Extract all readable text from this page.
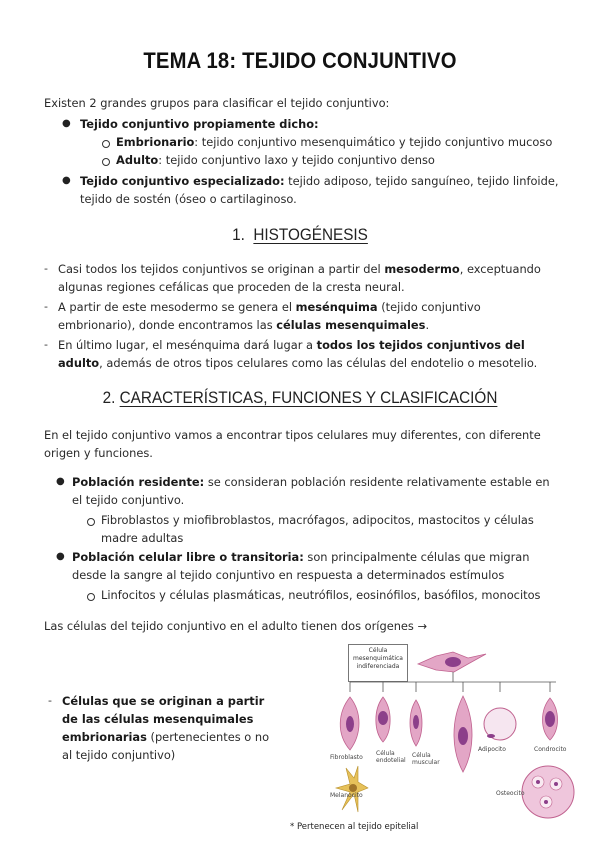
TEMA 18: TEJIDO CONJUNTIVO
Existen 2 grandes grupos para clasificar el tejido conjuntivo:
● Tejido conjuntivo propiamente dicho:
Embrionario: tejido conjuntivo mesenquimático y tejido conjuntivo mucoso
Adulto: tejido conjuntivo laxo y tejido conjuntivo denso
● Tejido conjuntivo especializado: tejido adiposo, tejido sanguíneo, tejido linfoide, tejido de sostén (óseo o cartilaginoso.
1. HISTOGÉNESIS
- Casi todos los tejidos conjuntivos se originan a partir del mesodermo, exceptuando algunas regiones cefálicas que proceden de la cresta neural.
- A partir de este mesodermo se genera el mesénquima (tejido conjuntivo embrionario), donde encontramos las células mesenquimales.
- En último lugar, el mesénquima dará lugar a todos los tejidos conjuntivos del adulto, además de otros tipos celulares como las células del endotelio o mesotelio.
2. CARACTERÍSTICAS, FUNCIONES Y CLASIFICACIÓN
En el tejido conjuntivo vamos a encontrar tipos celulares muy diferentes, con diferente origen y funciones.
● Población residente: se consideran población residente relativamente estable en el tejido conjuntivo.
Fibroblastos y miofibroblastos, macrófagos, adipocitos, mastocitos y células madre adultas
● Población celular libre o transitoria: son principalmente células que migran desde la sangre al tejido conjuntivo en respuesta a determinados estímulos
Linfocitos y células plasmáticas, neutrófilos, eosinófilos, basófilos, monocitos
Las células del tejido conjuntivo en el adulto tienen dos orígenes →
- Células que se originan a partir de las células mesenquimales embrionarias (pertenecientes o no al tejido conjuntivo)
Célula mesenquimática indiferenciada
Fibroblasto
Célula endotelial
Célula muscular
Adipocito	Condrocito
Osteocito
Melanocito
* Pertenecen al tejido epitelial
